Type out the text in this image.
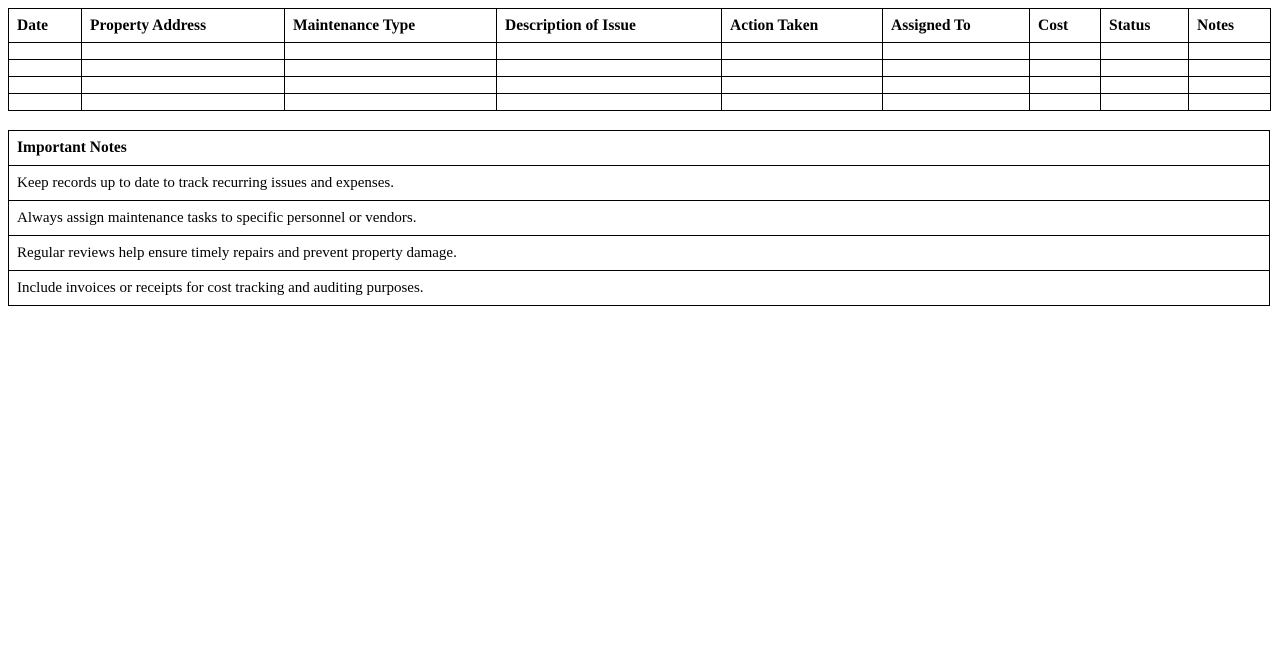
Date	Property Address	Maintenance Type	Description of Issue	Action Taken	Assigned To	Cost	Status	Notes

Important Notes
Keep records up to date to track recurring issues and expenses.
Always assign maintenance tasks to specific personnel or vendors.
Regular reviews help ensure timely repairs and prevent property damage.
Include invoices or receipts for cost tracking and auditing purposes.
